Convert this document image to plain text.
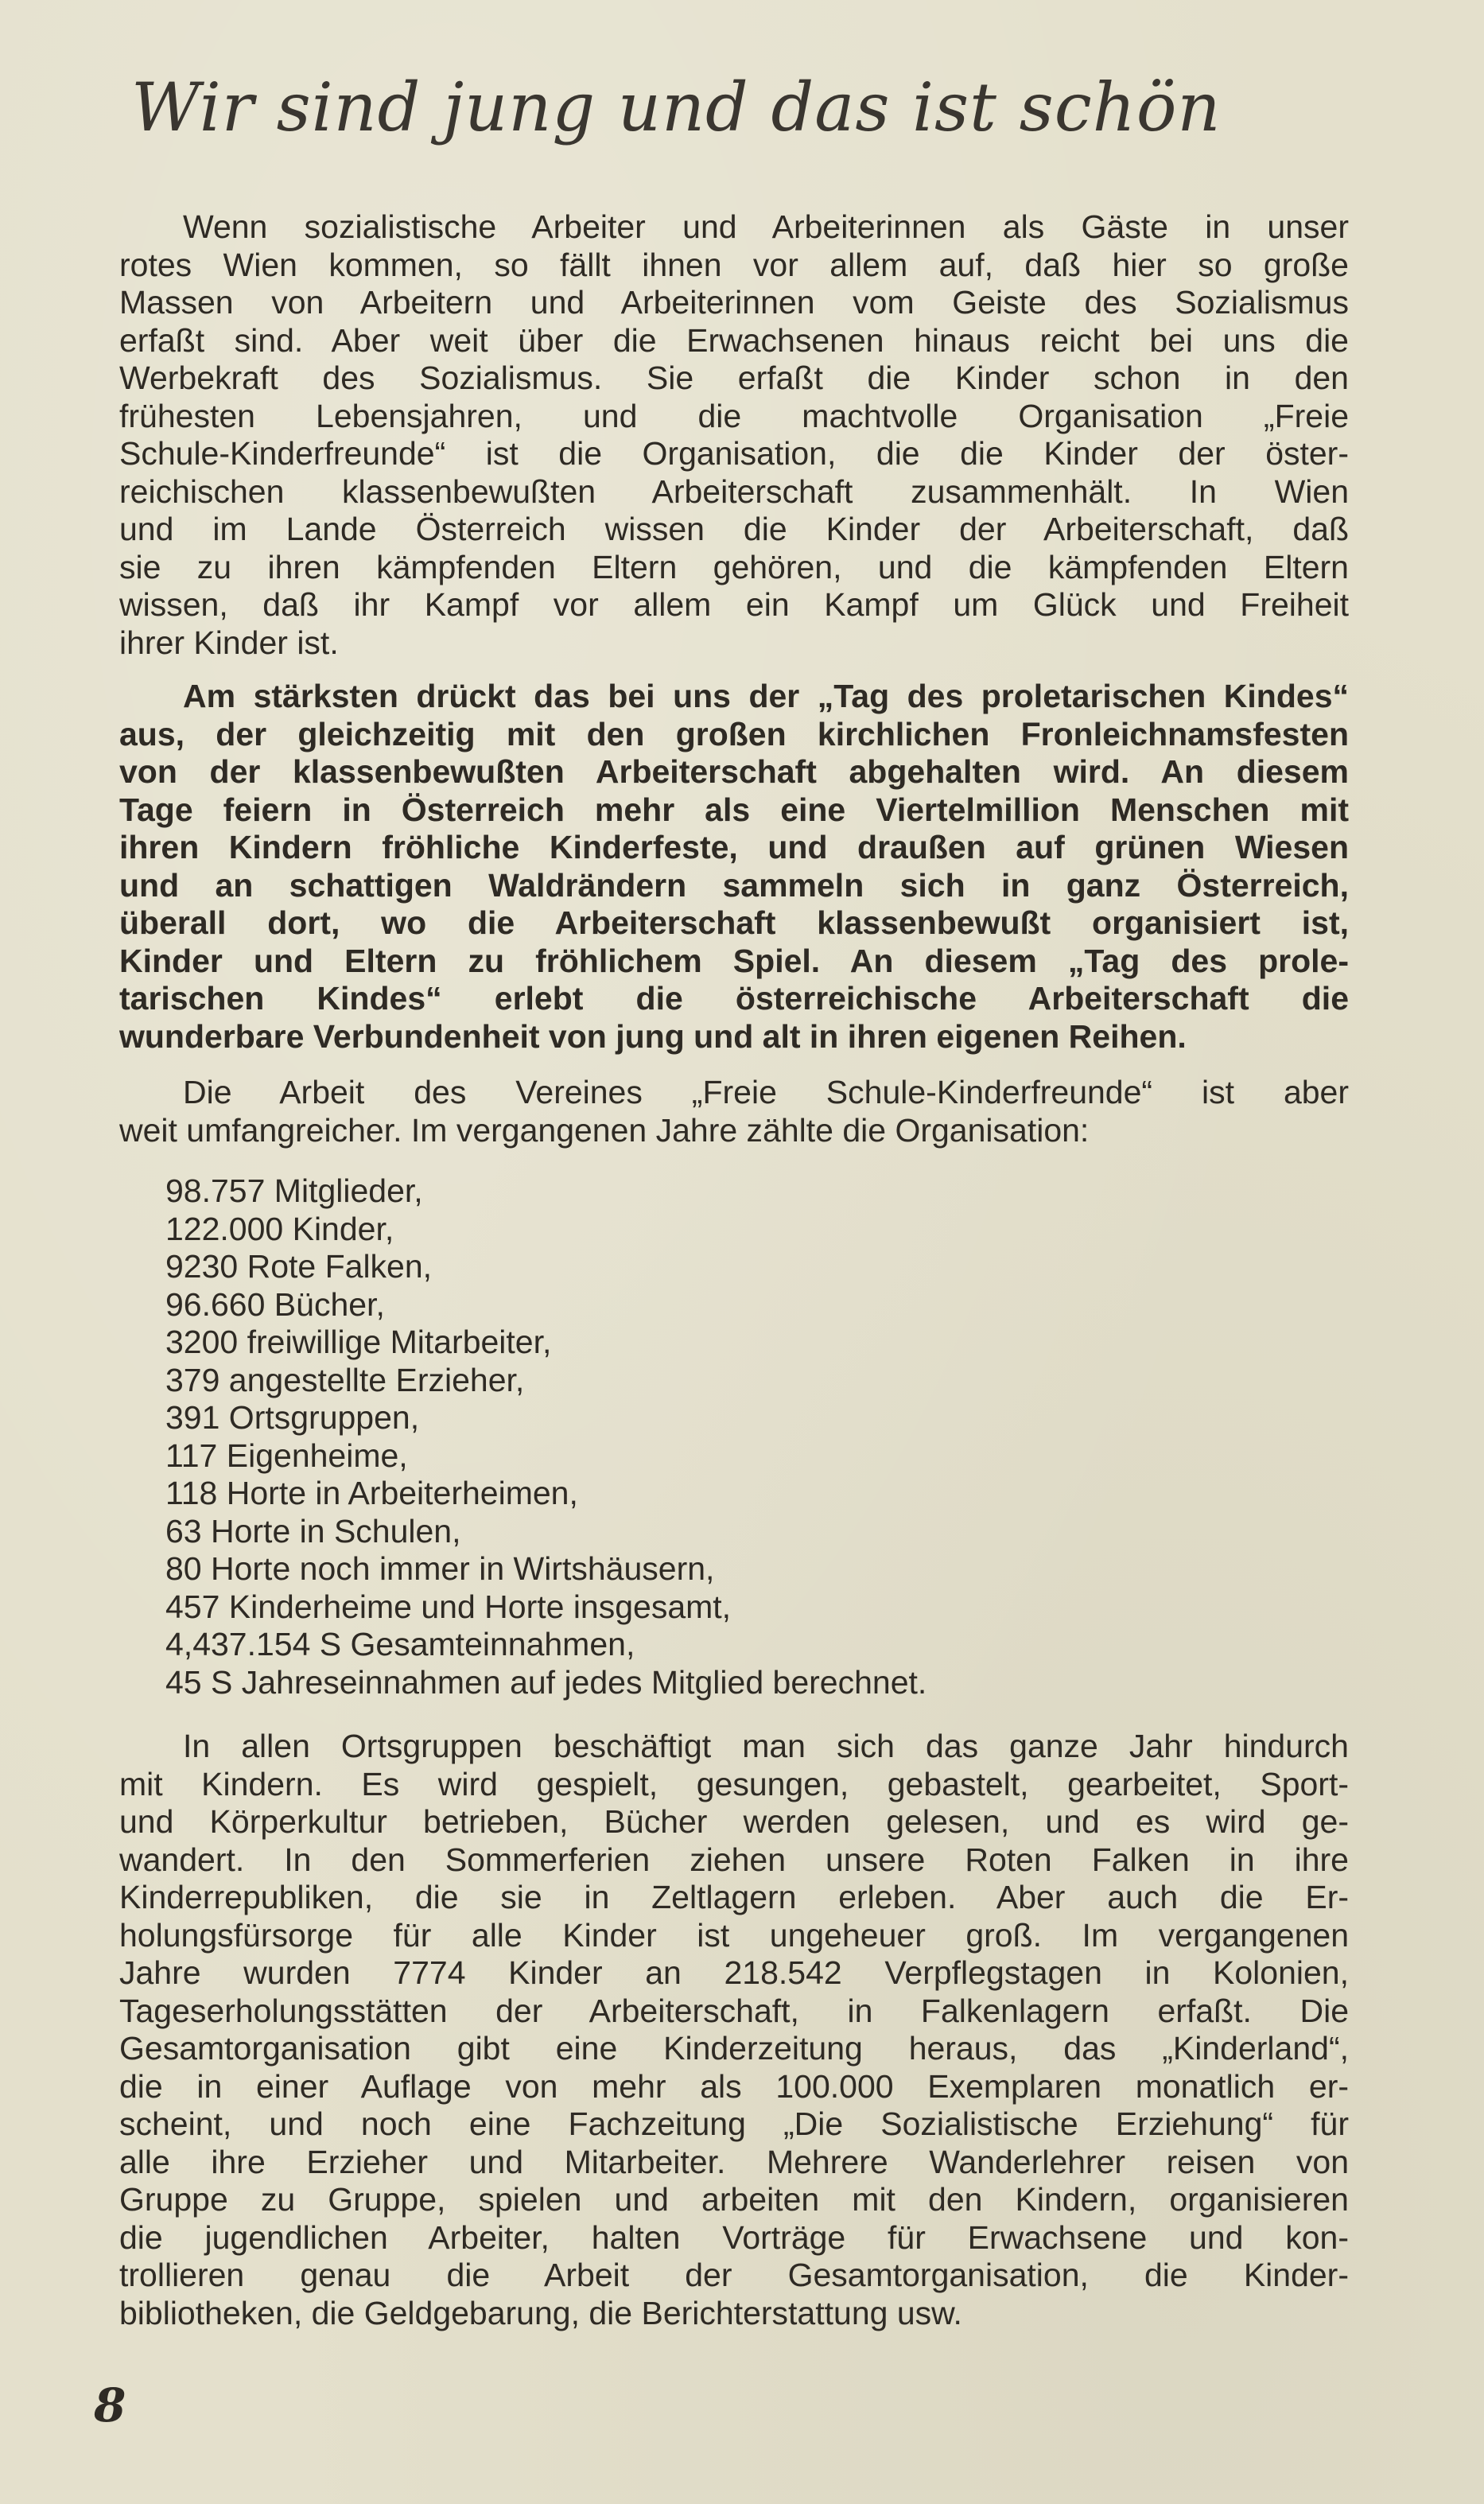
Wir sind jung und das ist schön
Wenn sozialistische Arbeiter und Arbeiterinnen als Gäste in unser
rotes Wien kommen, so fällt ihnen vor allem auf, daß hier so große
Massen von Arbeitern und Arbeiterinnen vom Geiste des Sozialismus
erfaßt sind. Aber weit über die Erwachsenen hinaus reicht bei uns die
Werbekraft des Sozialismus. Sie erfaßt die Kinder schon in den
frühesten Lebensjahren, und die machtvolle Organisation „Freie
Schule-Kinderfreunde“ ist die Organisation, die die Kinder der öster-
reichischen klassenbewußten Arbeiterschaft zusammenhält. In Wien
und im Lande Österreich wissen die Kinder der Arbeiterschaft, daß
sie zu ihren kämpfenden Eltern gehören, und die kämpfenden Eltern
wissen, daß ihr Kampf vor allem ein Kampf um Glück und Freiheit
ihrer Kinder ist.
Am stärksten drückt das bei uns der „Tag des proletarischen Kindes“
aus, der gleichzeitig mit den großen kirchlichen Fronleichnamsfesten
von der klassenbewußten Arbeiterschaft abgehalten wird. An diesem
Tage feiern in Österreich mehr als eine Viertelmillion Menschen mit
ihren Kindern fröhliche Kinderfeste, und draußen auf grünen Wiesen
und an schattigen Waldrändern sammeln sich in ganz Österreich,
überall dort, wo die Arbeiterschaft klassenbewußt organisiert ist,
Kinder und Eltern zu fröhlichem Spiel. An diesem „Tag des prole-
tarischen Kindes“ erlebt die österreichische Arbeiterschaft die
wunderbare Verbundenheit von jung und alt in ihren eigenen Reihen.
Die Arbeit des Vereines „Freie Schule-Kinderfreunde“ ist aber
weit umfangreicher. Im vergangenen Jahre zählte die Organisation:
98.757 Mitglieder,
122.000 Kinder,
9230 Rote Falken,
96.660 Bücher,
3200 freiwillige Mitarbeiter,
379 angestellte Erzieher,
391 Ortsgruppen,
117 Eigenheime,
118 Horte in Arbeiterheimen,
63 Horte in Schulen,
80 Horte noch immer in Wirtshäusern,
457 Kinderheime und Horte insgesamt,
4,437.154 S Gesamteinnahmen,
45 S Jahreseinnahmen auf jedes Mitglied berechnet.
In allen Ortsgruppen beschäftigt man sich das ganze Jahr hindurch
mit Kindern. Es wird gespielt, gesungen, gebastelt, gearbeitet, Sport-
und Körperkultur betrieben, Bücher werden gelesen, und es wird ge-
wandert. In den Sommerferien ziehen unsere Roten Falken in ihre
Kinderrepubliken, die sie in Zeltlagern erleben. Aber auch die Er-
holungsfürsorge für alle Kinder ist ungeheuer groß. Im vergangenen
Jahre wurden 7774 Kinder an 218.542 Verpflegstagen in Kolonien,
Tageserholungsstätten der Arbeiterschaft, in Falkenlagern erfaßt. Die
Gesamtorganisation gibt eine Kinderzeitung heraus, das „Kinderland“,
die in einer Auflage von mehr als 100.000 Exemplaren monatlich er-
scheint, und noch eine Fachzeitung „Die Sozialistische Erziehung“ für
alle ihre Erzieher und Mitarbeiter. Mehrere Wanderlehrer reisen von
Gruppe zu Gruppe, spielen und arbeiten mit den Kindern, organisieren
die jugendlichen Arbeiter, halten Vorträge für Erwachsene und kon-
trollieren genau die Arbeit der Gesamtorganisation, die Kinder-
bibliotheken, die Geldgebarung, die Berichterstattung usw.
8
